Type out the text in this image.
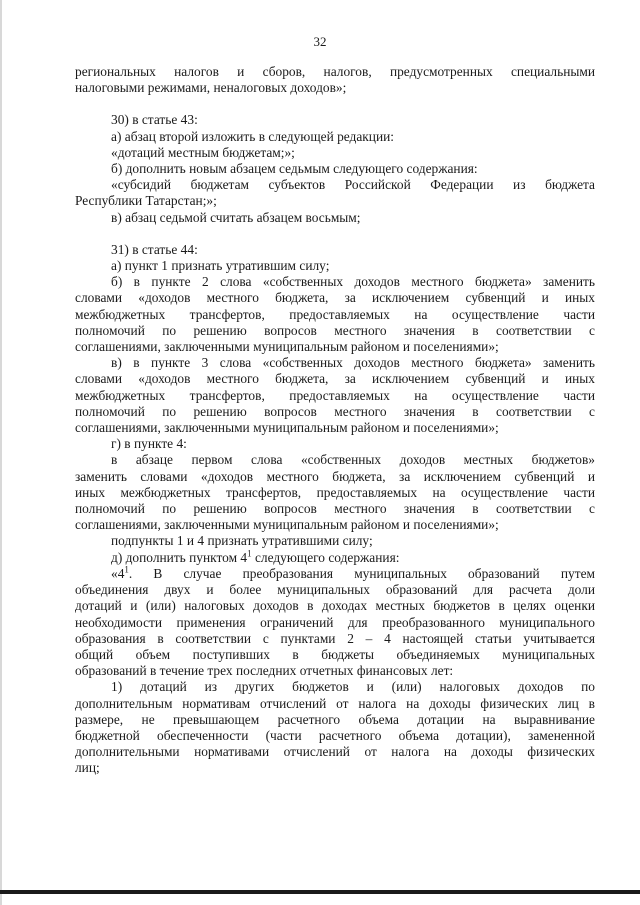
32

региональных налогов и сборов, налогов, предусмотренных специальными

налоговыми режимами, неналоговых доходов»;

30) в статье 43:

а) абзац второй изложить в следующей редакции:

«дотаций местным бюджетам;»;

б) дополнить новым абзацем седьмым следующего содержания:

«субсидий бюджетам субъектов Российской Федерации из бюджета

Республики Татарстан;»;

в) абзац седьмой считать абзацем восьмым;

31) в статье 44:

а) пункт 1 признать утратившим силу;

б) в пункте 2 слова «собственных доходов местного бюджета» заменить

словами «доходов местного бюджета, за исключением субвенций и иных

межбюджетных трансфертов, предоставляемых на осуществление части

полномочий по решению вопросов местного значения в соответствии с

соглашениями, заключенными муниципальным районом и поселениями»;

в) в пункте 3 слова «собственных доходов местного бюджета» заменить

словами «доходов местного бюджета, за исключением субвенций и иных

межбюджетных трансфертов, предоставляемых на осуществление части

полномочий по решению вопросов местного значения в соответствии с

соглашениями, заключенными муниципальным районом и поселениями»;

г) в пункте 4:

в абзаце первом слова «собственных доходов местных бюджетов»

заменить словами «доходов местного бюджета, за исключением субвенций и

иных межбюджетных трансфертов, предоставляемых на осуществление части

полномочий по решению вопросов местного значения в соответствии с

соглашениями, заключенными муниципальным районом и поселениями»;

подпункты 1 и 4 признать утратившими силу;

д) дополнить пунктом $4^1$ следующего содержания:

«$4^1$. В случае преобразования муниципальных образований путем

объединения двух и более муниципальных образований для расчета доли

дотаций и (или) налоговых доходов в доходах местных бюджетов в целях оценки

необходимости применения ограничений для преобразованного муниципального

образования в соответствии с пунктами 2 – 4 настоящей статьи учитывается

общий объем поступивших в бюджеты объединяемых муниципальных

образований в течение трех последних отчетных финансовых лет:

1) дотаций из других бюджетов и (или) налоговых доходов по

дополнительным нормативам отчислений от налога на доходы физических лиц в

размере, не превышающем расчетного объема дотации на выравнивание

бюджетной обеспеченности (части расчетного объема дотации), замененной

дополнительными нормативами отчислений от налога на доходы физических

лиц;
